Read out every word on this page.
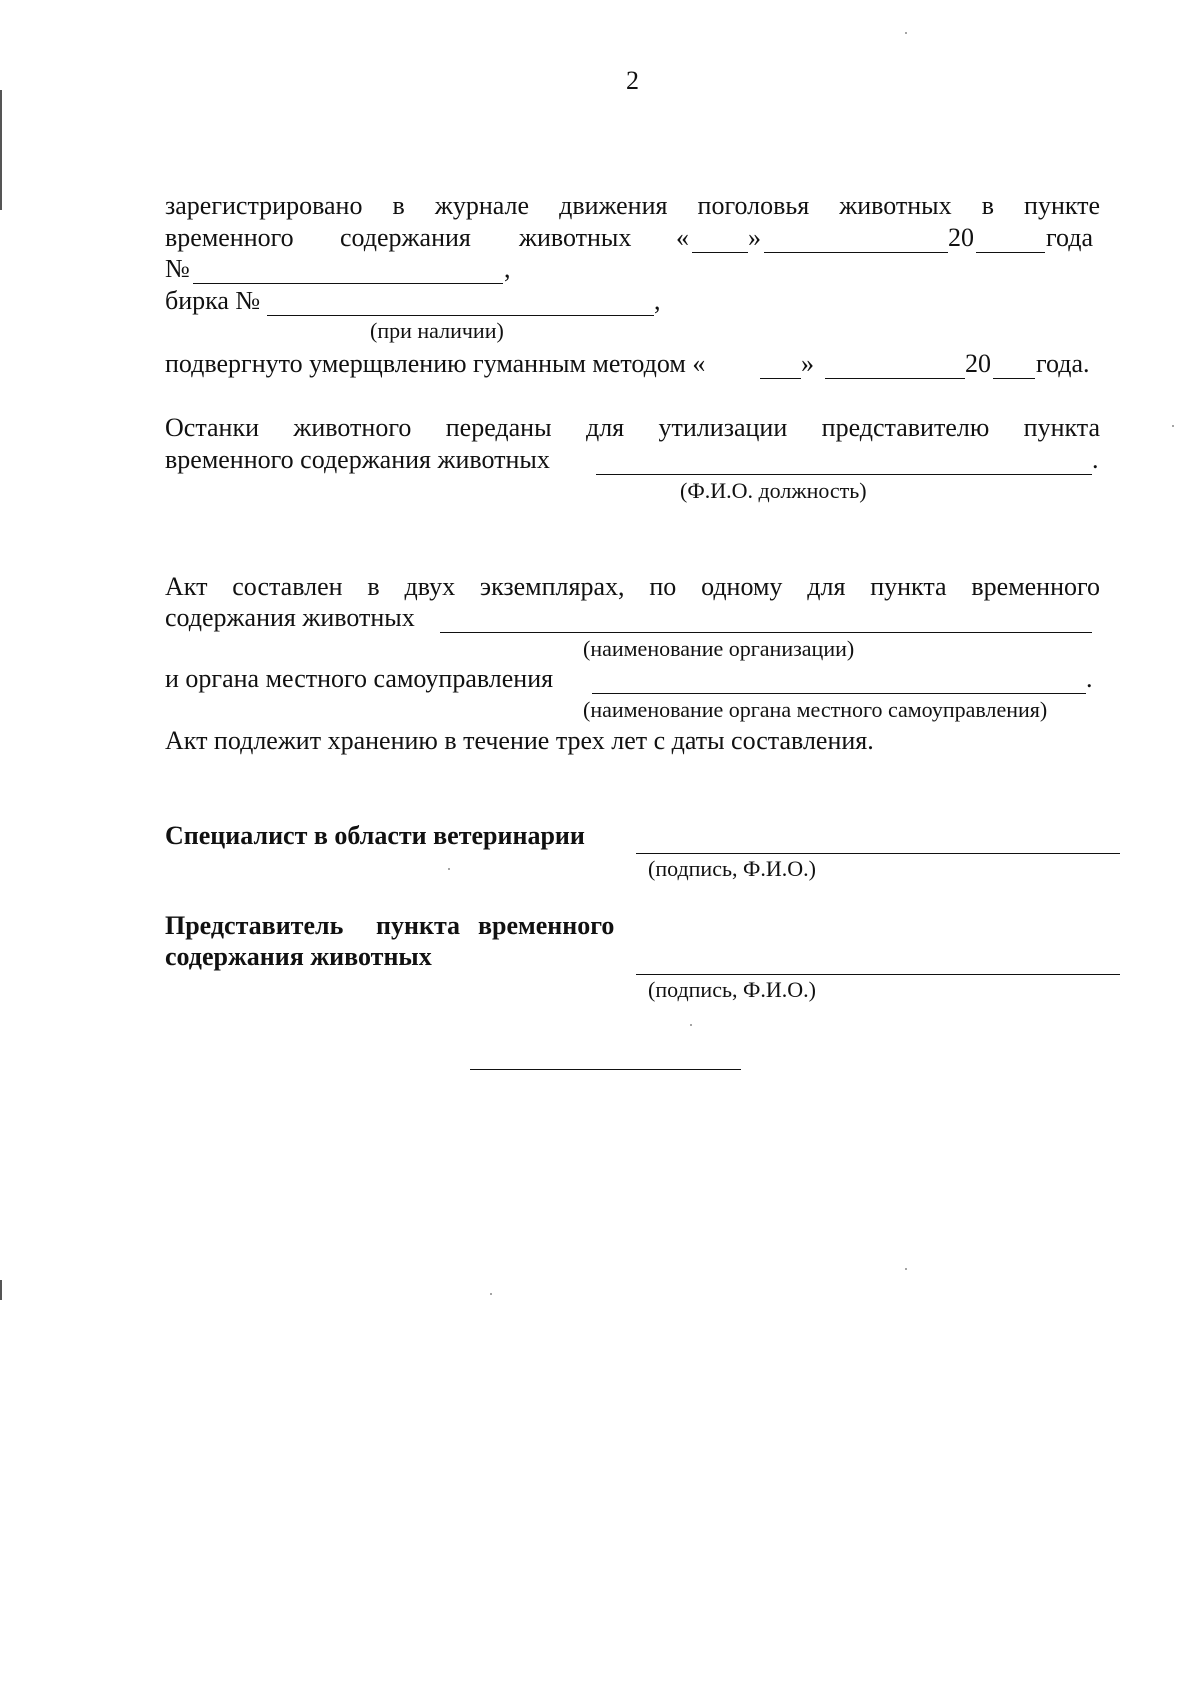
2
зарегистрировано в журнале движения поголовья животных в пункте
временного содержания животных « »	20	года
№	,
бирка №	,
(при наличии)
подвергнуто умерщвлению гуманным методом «	»	20 года.
Останки животного переданы для утилизации представителю пункта
временного содержания животных	.
(Ф.И.О. должность)
Акт составлен в двух экземплярах, по одному для пункта временного
содержания животных
(наименование организации)
и органа местного самоуправления	.
(наименование органа местного самоуправления)
Акт подлежит хранению в течение трех лет с даты составления.
Специалист в области ветеринарии
(подпись, Ф.И.О.)
Представитель пункта временного
содержания животных
(подпись, Ф.И.О.)
